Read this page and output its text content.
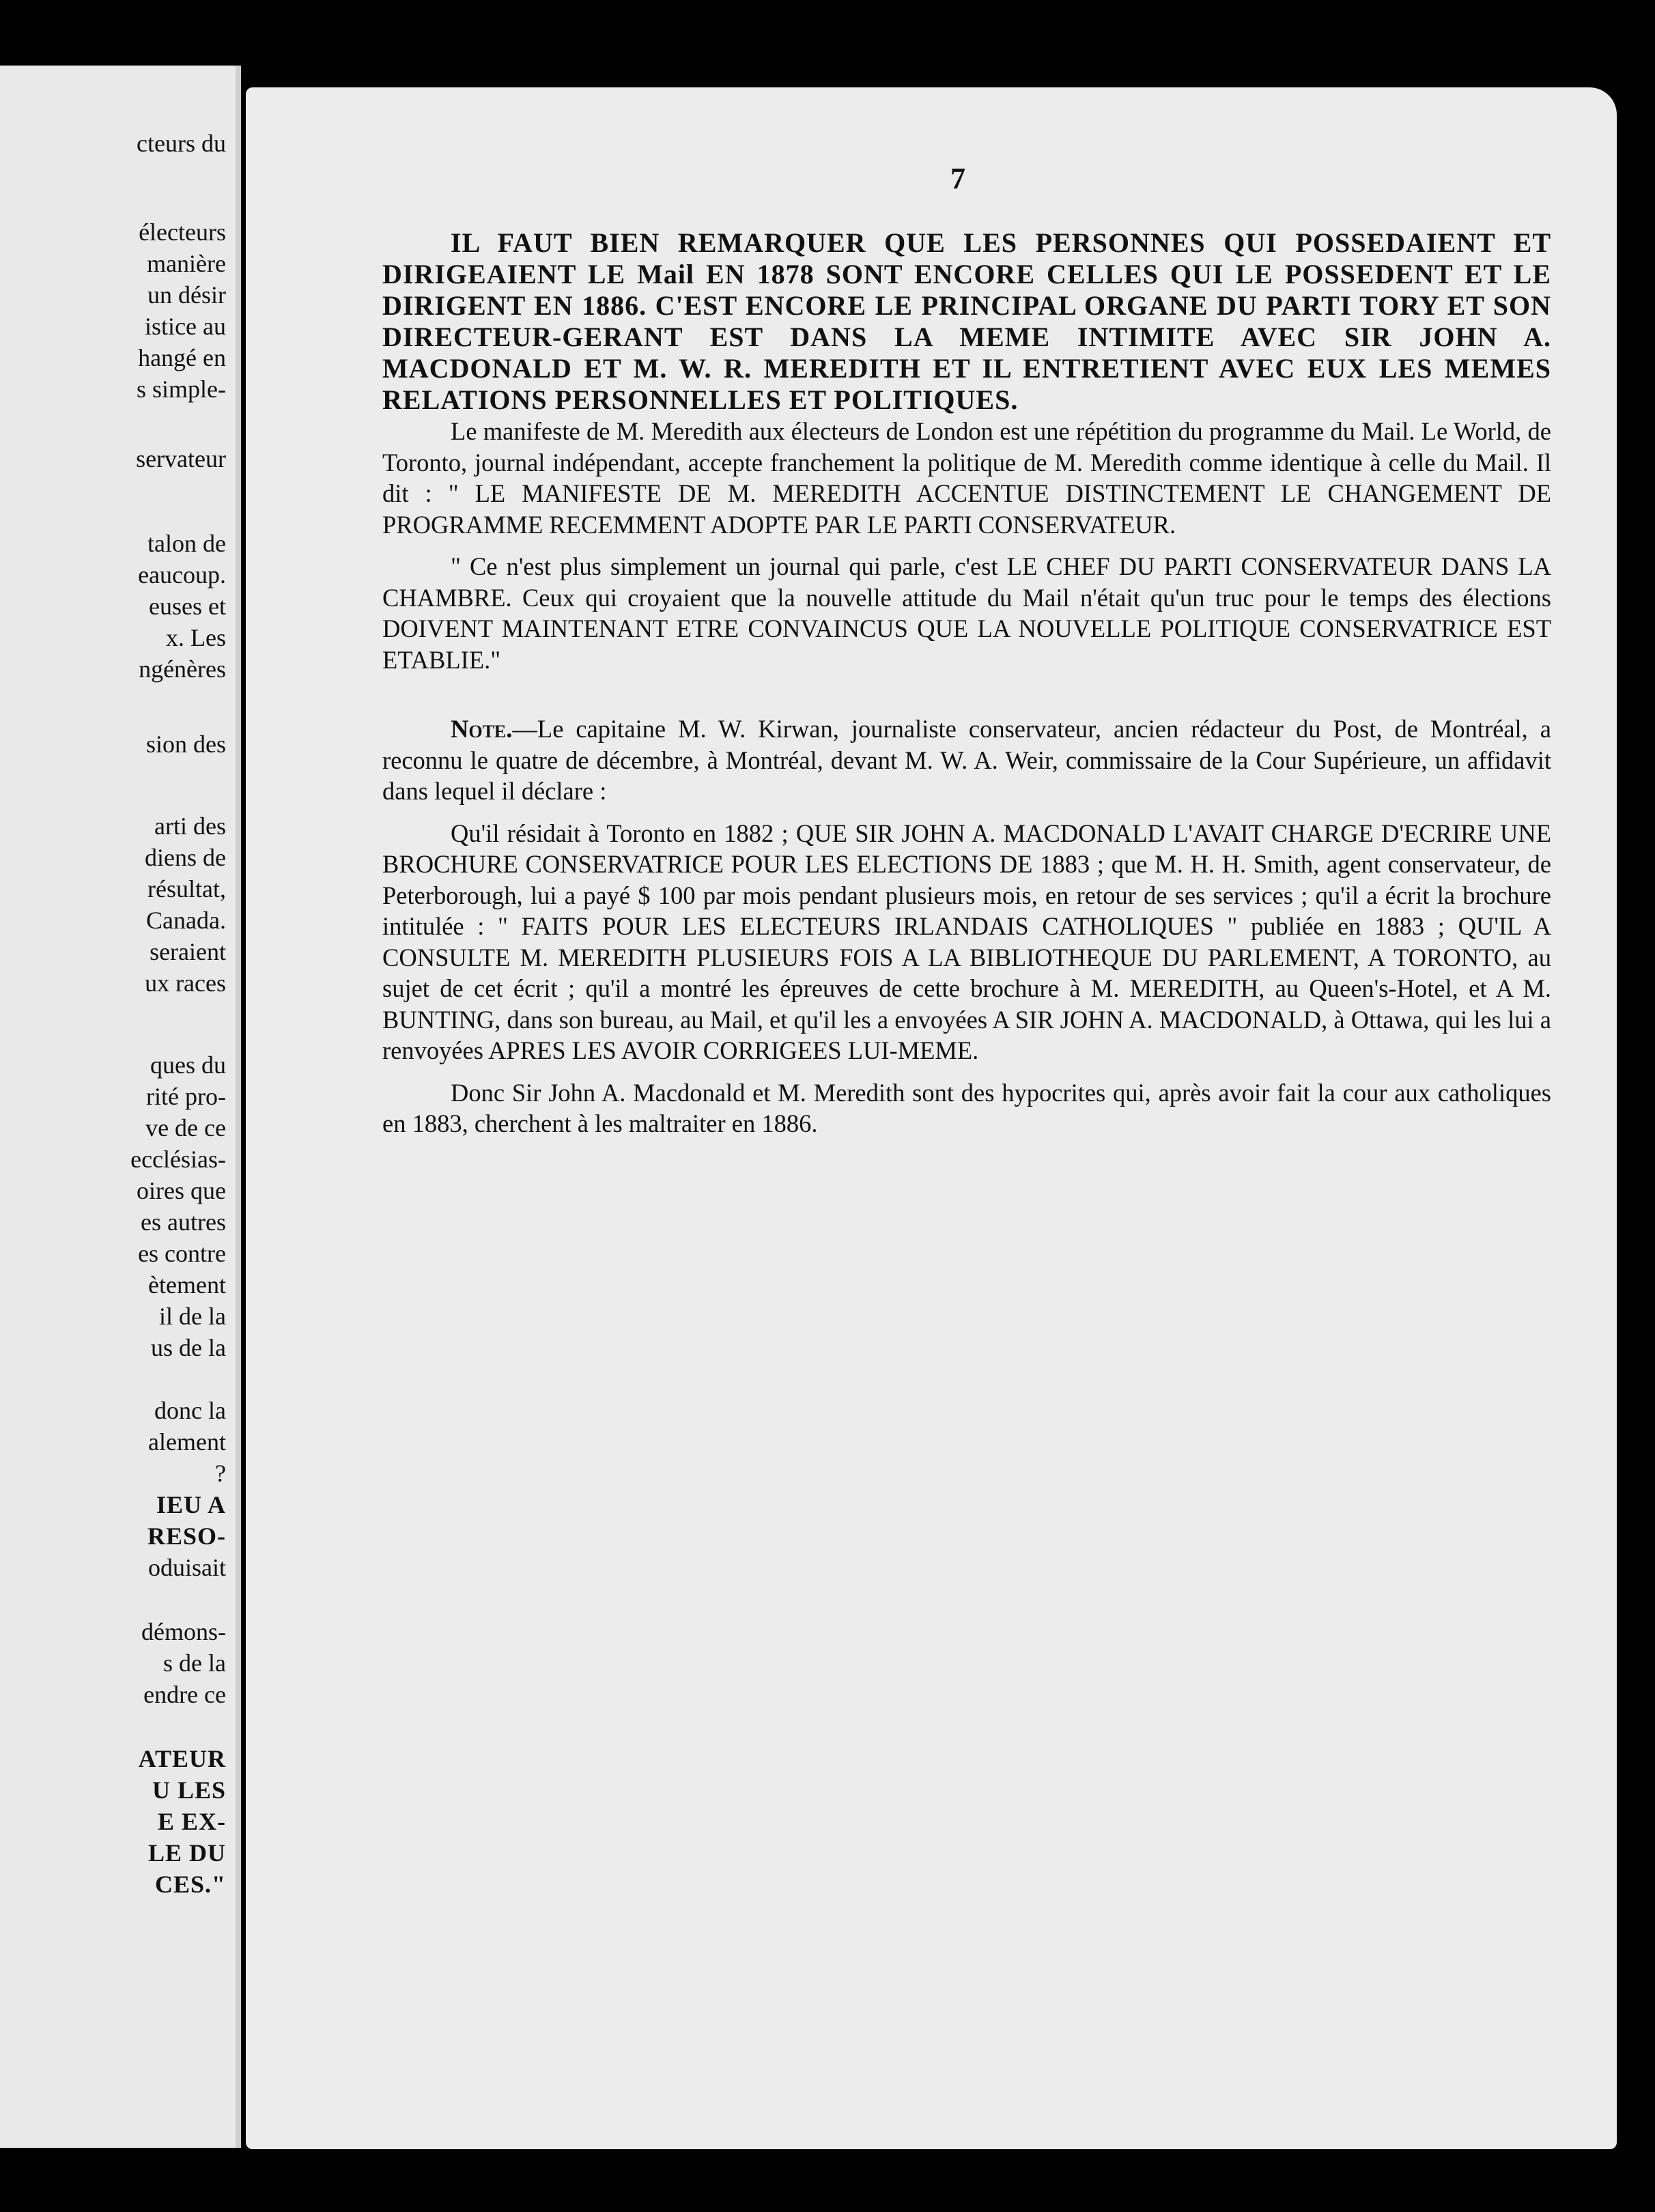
cteurs du
électeurs
manière
un désir
istice au
hangé en
s simple-
servateur
talon de
eaucoup.
euses et
x. Les
ngénères
sion des
arti des
diens de
résultat,
Canada.
seraient
ux races
ques du
rité pro-
ve de ce
ecclésias-
oires que
es autres
es contre
ètement
il de la
us de la
donc la
alement
?
IEU A
RESO-
oduisait
démons-
s de la
endre ce
ATEUR
U LES
E EX-
LE DU
CES."
7

IL FAUT BIEN REMARQUER QUE LES PERSONNES QUI POSSEDAIENT ET DIRIGEAIENT LE Mail EN 1878 SONT ENCORE CELLES QUI LE POSSEDENT ET LE DIRIGENT EN 1886. C'EST ENCORE LE PRINCIPAL ORGANE DU PARTI TORY ET SON DIRECTEUR-GERANT EST DANS LA MEME INTIMITE AVEC SIR JOHN A. MACDONALD ET M. W. R. MEREDITH ET IL ENTRETIENT AVEC EUX LES MEMES RELATIONS PERSONNELLES ET POLITIQUES.

Le manifeste de M. Meredith aux électeurs de London est une répétition du programme du Mail. Le World, de Toronto, journal indépendant, accepte franchement la politique de M. Meredith comme identique à celle du Mail. Il dit : " LE MANIFESTE DE M. MEREDITH ACCENTUE DISTINCTEMENT LE CHANGEMENT DE PROGRAMME RECEMMENT ADOPTE PAR LE PARTI CONSERVATEUR.

" Ce n'est plus simplement un journal qui parle, c'est LE CHEF DU PARTI CONSERVATEUR DANS LA CHAMBRE. Ceux qui croyaient que la nouvelle attitude du Mail n'était qu'un truc pour le temps des élections DOIVENT MAINTENANT ETRE CONVAINCUS QUE LA NOUVELLE POLITIQUE CONSERVATRICE EST ETABLIE."

Note.—Le capitaine M. W. Kirwan, journaliste conservateur, ancien rédacteur du Post, de Montréal, a reconnu le quatre de décembre, à Montréal, devant M. W. A. Weir, commissaire de la Cour Supérieure, un affidavit dans lequel il déclare :

Qu'il résidait à Toronto en 1882 ; QUE SIR JOHN A. MACDONALD L'AVAIT CHARGE D'ECRIRE UNE BROCHURE CONSERVATRICE POUR LES ELECTIONS DE 1883 ; que M. H. H. Smith, agent conservateur, de Peterborough, lui a payé $ 100 par mois pendant plusieurs mois, en retour de ses services ; qu'il a écrit la brochure intitulée : " FAITS POUR LES ELECTEURS IRLANDAIS CATHOLIQUES " publiée en 1883 ; QU'IL A CONSULTE M. MEREDITH PLUSIEURS FOIS A LA BIBLIOTHEQUE DU PARLEMENT, A TORONTO, au sujet de cet écrit ; qu'il a montré les épreuves de cette brochure à M. MEREDITH, au Queen's-Hotel, et A M. BUNTING, dans son bureau, au Mail, et qu'il les a envoyées A SIR JOHN A. MACDONALD, à Ottawa, qui les lui a renvoyées APRES LES AVOIR CORRIGEES LUI-MEME.

Donc Sir John A. Macdonald et M. Meredith sont des hypocrites qui, après avoir fait la cour aux catholiques en 1883, cherchent à les maltraiter en 1886.
